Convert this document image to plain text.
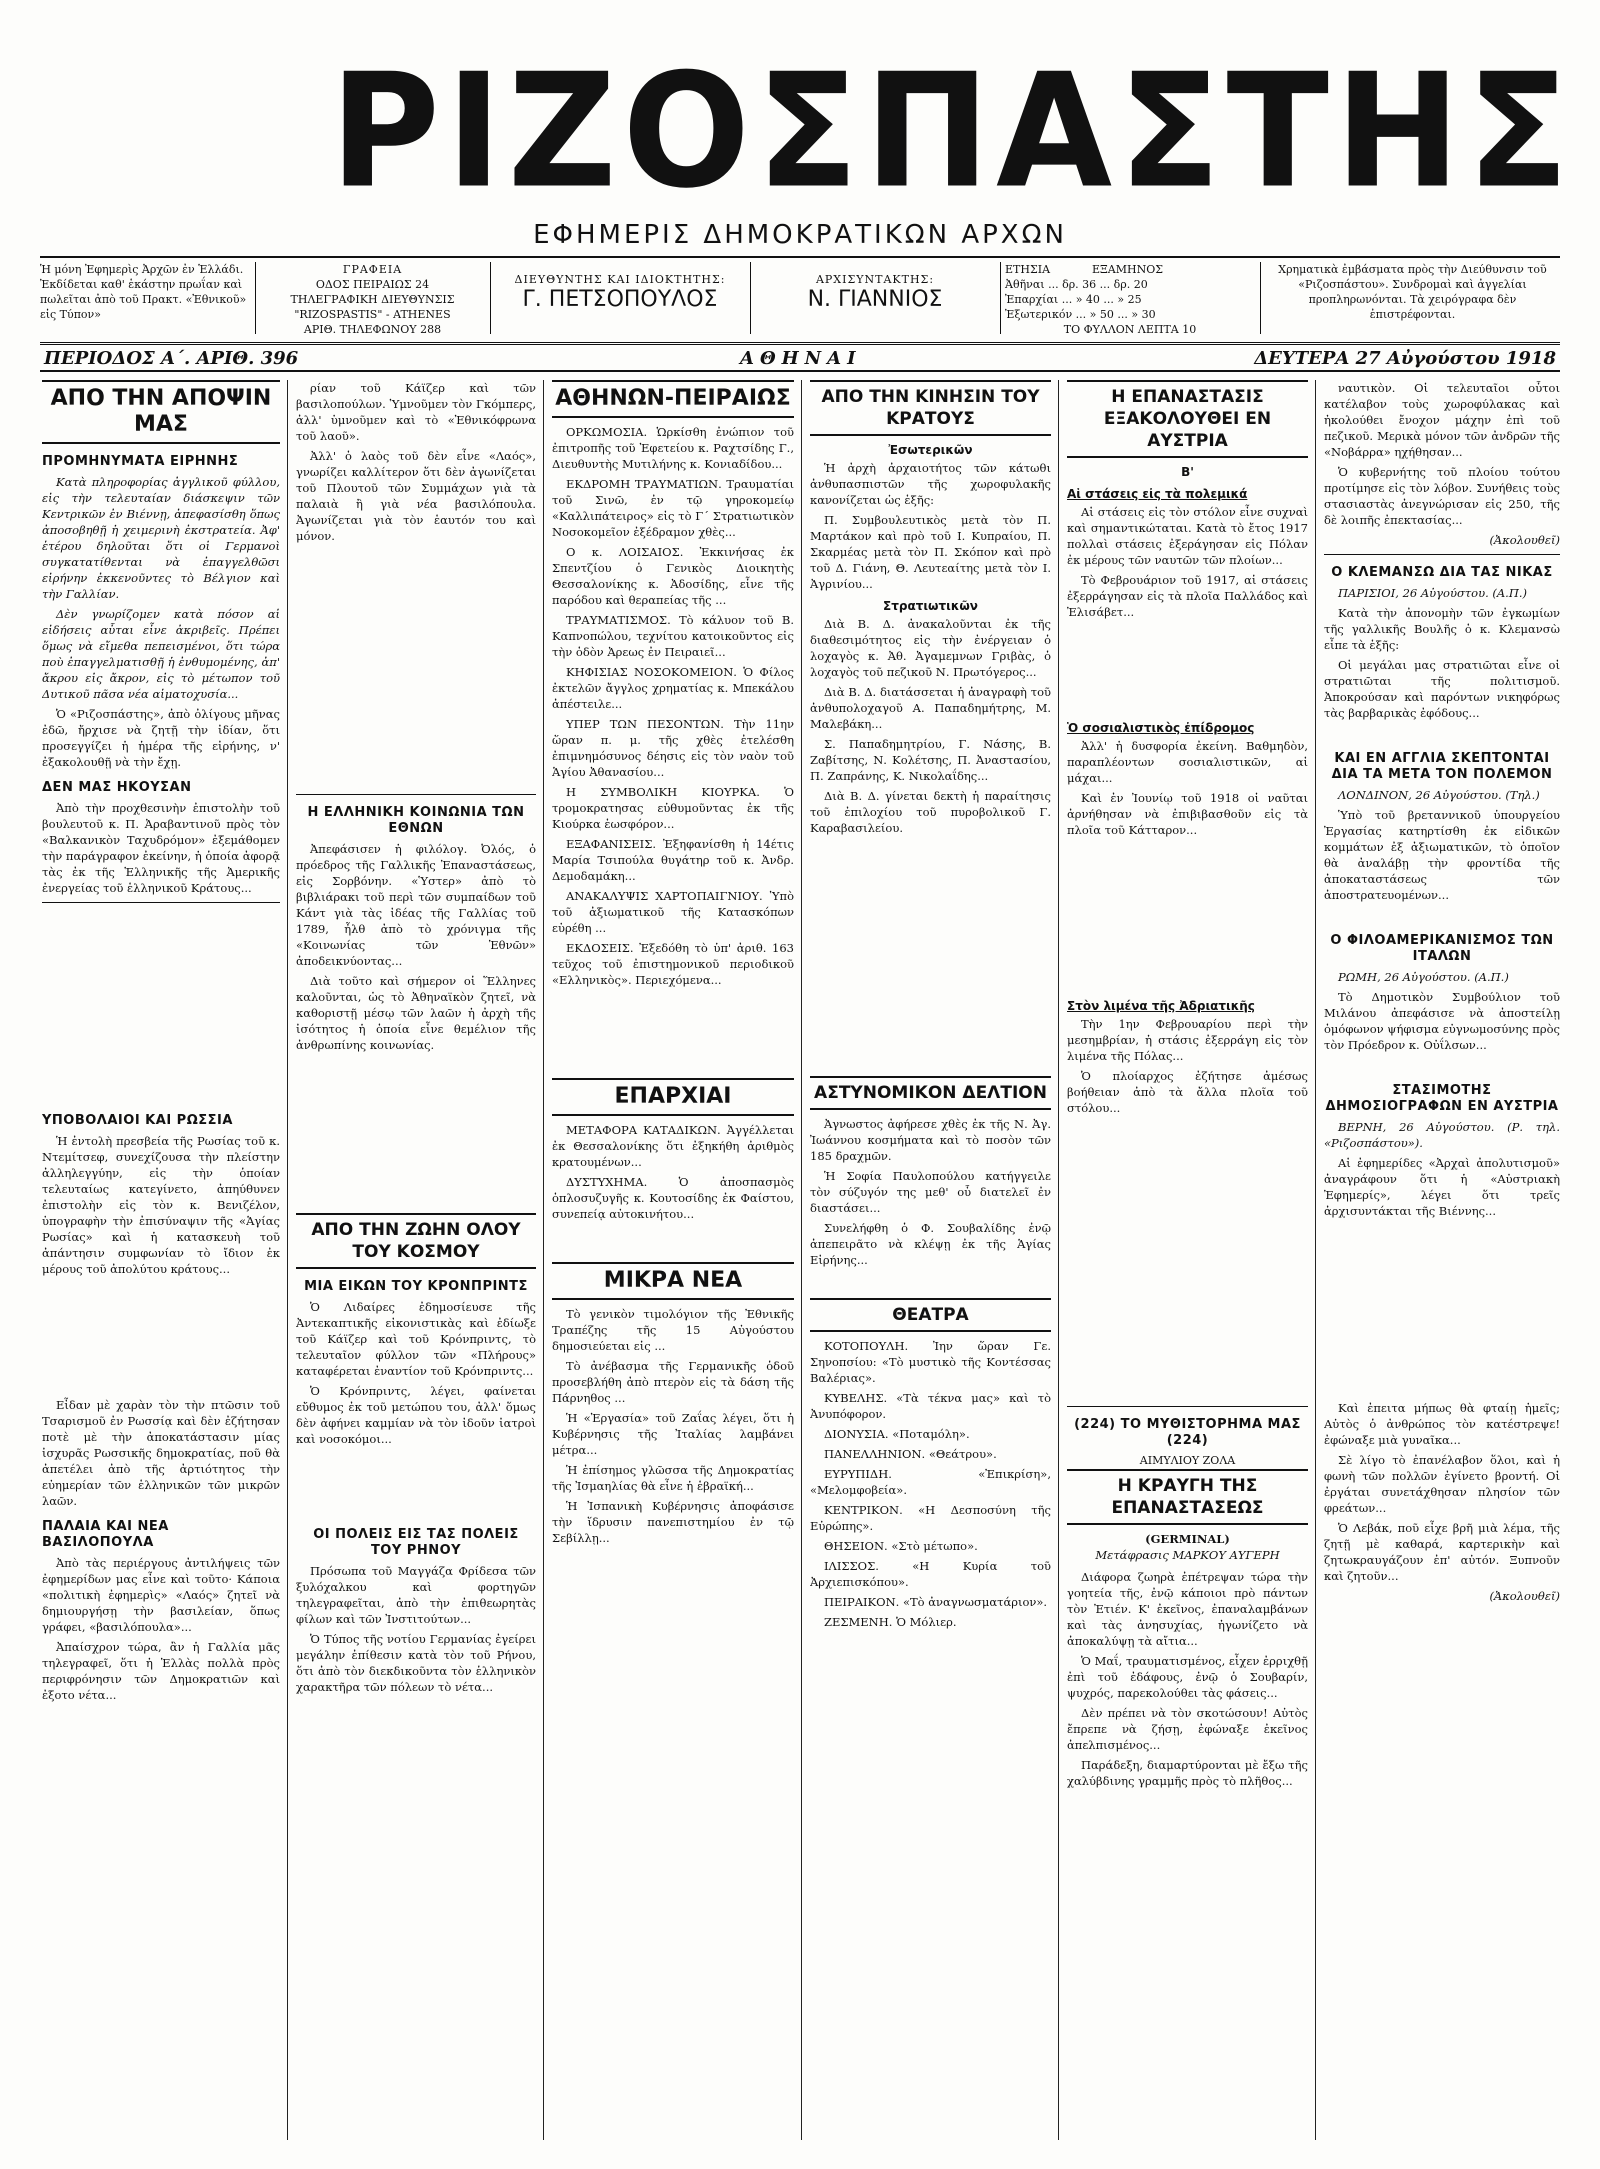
ΡΙΖΟΣΠΑΣΤΗΣ
ΕΦΗΜΕΡΙΣ ΔΗΜΟΚΡΑΤΙΚΩΝ ΑΡΧΩΝ
Ἡ μόνη Ἐφημερὶς Ἀρχῶν ἐν Ἑλλάδι. Ἐκδίδεται καθ' ἑκάστην πρωΐαν καὶ πωλεῖται ἀπὸ τοῦ Πρακτ. «Ἐθνικοῦ» εἰς Τύπον»
ΓΡΑΦΕΙΑ
ΟΔΟΣ ΠΕΙΡΑΙΩΣ 24
ΤΗΛΕΓΡΑΦΙΚΗ ΔΙΕΥΘΥΝΣΙΣ
"RIZOSPASTIS" - ATHENES
ΑΡΙΘ. ΤΗΛΕΦΩΝΟΥ 288
ΔΙΕΥΘΥΝΤΗΣ ΚΑΙ ΙΔΙΟΚΤΗΤΗΣ:
Γ. ΠΕΤΣΟΠΟΥΛΟΣ
ΑΡΧΙΣΥΝΤΑΚΤΗΣ:
Ν. ΓΙΑΝΝΙΟΣ
ΕΤΗΣΙΑ	ΕΞΑΜΗΝΟΣ
Ἀθῆναι ... δρ. 36 ... δρ. 20
Ἐπαρχίαι ... » 40 ... » 25
Ἐξωτερικόν ... » 50 ... » 30
ΤΟ ΦΥΛΛΟΝ ΛΕΠΤΑ 10
Χρηματικὰ ἐμβάσματα πρὸς τὴν Διεύθυνσιν τοῦ «Ριζοσπάστου». Συνδρομαὶ καὶ ἀγγελίαι προπληρωνόνται. Τὰ χειρόγραφα δὲν ἐπιστρέφονται.
ΠΕΡΙΟΔΟΣ Α΄. ΑΡΙΘ. 396	ΑΘΗΝΑΙ	ΔΕΥΤΕΡΑ 27 Αὐγούστου 1918
ΑΠΟ ΤΗΝ ΑΠΟΨΙΝ ΜΑΣ
ΠΡΟΜΗΝΥΜΑΤΑ ΕΙΡΗΝΗΣ

Κατὰ πληροφορίας ἀγγλικοῦ φύλλου, εἰς τὴν τελευταίαν διάσκεψιν τῶν Κεντρικῶν ἐν Βιέννῃ, ἀπεφασίσθη ὅπως ἀποσοβηθῇ ἡ χειμερινὴ ἐκστρατεία. Ἀφ' ἑτέρου δηλοῦται ὅτι οἱ Γερμανοὶ συγκατατίθενται νὰ ἐπαγγελθῶσι εἰρήνην ἐκκενοῦντες τὸ Βέλγιον καὶ τὴν Γαλλίαν.

Δὲν γνωρίζομεν κατὰ πόσον αἱ εἰδήσεις αὗται εἶνε ἀκριβεῖς. Πρέπει ὅμως νὰ εἴμεθα πεπεισμένοι, ὅτι τώρα ποὺ ἐπαγγελματισθῇ ἡ ἐνθυμομένης, ἀπ' ἄκρου εἰς ἄκρον, εἰς τὸ μέτωπον τοῦ Δυτικοῦ πᾶσα νέα αἱματοχυσία...

Ὁ «Ριζοσπάστης», ἀπὸ ὀλίγους μῆνας ἐδῶ, ἤρχισε νὰ ζητῇ τὴν ἰδίαν, ὅτι προσεγγίζει ἡ ἡμέρα τῆς εἰρήνης, ν' ἐξακολουθῇ νὰ τὴν ἔχῃ.

ΔΕΝ ΜΑΣ ΗΚΟΥΣΑΝ

Ἀπὸ τὴν προχθεσινὴν ἐπιστολὴν τοῦ βουλευτοῦ κ. Π. Ἀραβαντινοῦ πρὸς τὸν «Βαλκανικὸν Ταχυδρόμον» ἐξεμάθομεν τὴν παράγραφον ἐκείνην, ἡ ὁποία ἀφορᾷ τὰς ἐκ τῆς Ἑλληνικῆς τῆς Ἀμερικῆς ἐνεργείας τοῦ ἑλληνικοῦ Κράτους...

ΥΠΟΒΟΛΑΙΟΙ ΚΑΙ ΡΩΣΣΙΑ

Ἡ ἐντολὴ πρεσβεία τῆς Ρωσίας τοῦ κ. Ντεμίτσεφ, συνεχίζουσα τὴν πλείστην ἀλληλεγγύην, εἰς τὴν ὁποίαν τελευταίως κατεγίνετο, ἀπηύθυνεν ἐπιστολὴν εἰς τὸν κ. Βενιζέλον, ὑπογραφὴν τὴν ἐπισύναψιν τῆς «Ἁγίας Ρωσίας» καὶ ἡ κατασκευὴ τοῦ ἀπάντησιν συμφωνίαν τὸ ἴδιον ἐκ μέρους τοῦ ἀπολύτου κράτους...

Εἶδαν μὲ χαρὰν τὸν τὴν πτῶσιν τοῦ Τσαρισμοῦ ἐν Ρωσσίᾳ καὶ δὲν ἐζήτησαν ποτὲ μὲ τὴν ἀποκατάστασιν μίας ἰσχυρᾶς Ρωσσικῆς δημοκρατίας, ποῦ θὰ ἀπετέλει ἀπὸ τῆς ἀρτιότητος τὴν εὐημερίαν τῶν ἑλληνικῶν τῶν μικρῶν λαῶν.

ΠΑΛΑΙΑ ΚΑΙ ΝΕΑ ΒΑΣΙΛΟΠΟΥΛΑ

Ἀπὸ τὰς περιέργους ἀντιλήψεις τῶν ἐφημερίδων μας εἶνε καὶ τοῦτο· Κάποια «πολιτικὴ ἐφημερὶς» «Λαός» ζητεῖ νὰ δημιουργήσῃ τὴν βασιλείαν, ὅπως γράφει, «βασιλόπουλα»...

Ἀπαίσχρον τώρα, ἂν ἡ Γαλλία μᾶς τηλεγραφεῖ, ὅτι ἡ Ἑλλὰς πολλὰ πρὸς περιφρόνησιν τῶν Δημοκρατιῶν καὶ ἐξοτο νέτα...

ρίαν τοῦ Κάϊζερ καὶ τῶν βασιλοπούλων. Ὑμνοῦμεν τὸν Γκόμπερς, ἀλλ' ὑμνοῦμεν καὶ τὸ «Ἐθνικόφρωνα τοῦ λαοῦ».

Ἀλλ' ὁ λαὸς τοῦ δὲν εἶνε «Λαός», γνωρίζει καλλίτερον ὅτι δὲν ἀγωνίζεται τοῦ Πλουτοῦ τῶν Συμμάχων γιὰ τὰ παλαιὰ ἢ γιὰ νέα βασιλόπουλα. Ἀγωνίζεται γιὰ τὸν ἑαυτόν του καὶ μόνον.

Η ΕΛΛΗΝΙΚΗ ΚΟΙΝΩΝΙΑ ΤΩΝ ΕΘΝΩΝ

Ἀπεφάσισεν ἡ φιλόλογ. Ὀλός, ὁ πρόεδρος τῆς Γαλλικῆς Ἐπαναστάσεως, εἰς Σορβόνην. «Ὑστερ» ἀπὸ τὸ βιβλιάρακι τοῦ περὶ τῶν συμπαίδων τοῦ Κάντ γιὰ τὰς ἰδέας τῆς Γαλλίας τοῦ 1789, ἦλθ ἀπὸ τὸ χρόνιγμα τῆς «Κοινωνίας τῶν Ἐθνῶν» ἀποδεικνύοντας...

Διὰ τοῦτο καὶ σήμερον οἱ Ἕλληνες καλοῦνται, ὡς τὸ Ἀθηναϊκὸν ζητεῖ, νὰ καθοριστῇ μέσῳ τῶν λαῶν ἡ ἀρχὴ τῆς ἰσότητος ἡ ὁποία εἶνε θεμέλιον τῆς ἀνθρωπίνης κοινωνίας.

ΑΠΟ ΤΗΝ ΖΩΗΝ ΟΛΟΥ ΤΟΥ ΚΟΣΜΟΥ
ΜΙΑ ΕΙΚΩΝ ΤΟΥ ΚΡΟΝΠΡΙΝΤΣ

Ὁ Λιδαίρες ἐδημοσίευσε τῆς Ἀντεκαπτικῆς εἰκονιστικὰς καὶ ἐδίωξε τοῦ Κάϊζερ καὶ τοῦ Κρόνπριντς, τὸ τελευταῖον φύλλον τῶν «Πλήρους» καταφέρεται ἐναντίον τοῦ Κρόνπριντς...

Ὁ Κρόνπριντς, λέγει, φαίνεται εὔθυμος ἐκ τοῦ μετώπου του, ἀλλ' ὅμως δὲν ἀφήνει καμμίαν νὰ τὸν ἰδοῦν ἰατροὶ καὶ νοσοκόμοι...

ΟΙ ΠΟΛΕΙΣ ΕΙΣ ΤΑΣ ΠΟΛΕΙΣ ΤΟΥ ΡΗΝΟΥ

Πρόσωπα τοῦ Μαγγάζα Φρίδεσα τῶν ξυλόχαλκου καὶ φορτηγῶν τηλεγραφεῖται, ἀπὸ τὴν ἐπιθεωρητὰς φίλων καὶ τῶν Ἰνστιτούτων...

Ὁ Τύπος τῆς νοτίου Γερμανίας ἐγείρει μεγάλην ἐπίθεσιν κατὰ τὸν τοῦ Ρήνου, ὅτι ἀπὸ τὸν διεκδικοῦντα τὸν ἑλληνικὸν χαρακτῆρα τῶν πόλεων τὸ νέτα...

ΑΘΗΝΩΝ-ΠΕΙΡΑΙΩΣ

ΟΡΚΩΜΟΣΙΑ. Ὡρκίσθη ἐνώπιον τοῦ ἐπιτροπῆς τοῦ Ἐφετείου κ. Ραχτσίδης Γ., Διευθυντὴς Μυτιλήνης κ. Κονιαδίδου...

ΕΚΔΡΟΜΗ ΤΡΑΥΜΑΤΙΩΝ. Τραυματίαι τοῦ Σινῶ, ἐν τῷ γηροκομείῳ «Καλλιπάτειρος» εἰς τὸ Γ΄ Στρατιωτικὸν Νοσοκομεῖον ἐξέδραμον χθὲς...

Ο κ. ΛΟΙΣΑΙΟΣ. Ἐκκινήσας ἐκ Σπεντζίου ὁ Γενικὸς Διοικητὴς Θεσσαλονίκης κ. Ἀδοσίδης, εἶνε τῆς παρόδου καὶ θεραπείας τῆς ...

ΤΡΑΥΜΑΤΙΣΜΟΣ. Τὸ κάλυον τοῦ Β. Καπνοπώλου, τεχνίτου κατοικοῦντος εἰς τὴν ὁδὸν Ἀρεως ἐν Πειραιεῖ...

ΚΗΦΙΣΙΑΣ ΝΟΣΟΚΟΜΕΙΟΝ. Ὁ Φίλος ἐκτελῶν ἄγγλος χρηματίας κ. Μπεκάλου ἀπέστειλε...

ΥΠΕΡ ΤΩΝ ΠΕΣΟΝΤΩΝ. Τὴν 11ην ὥραν π. μ. τῆς χθὲς ἐτελέσθη ἐπιμνημόσυνος δέησις εἰς τὸν ναὸν τοῦ Ἁγίου Ἀθανασίου...

Η ΣΥΜΒΟΛΙΚΗ ΚΙΟΥΡΚΑ. Ὁ τρομοκρατησας εὐθυμοῦντας ἐκ τῆς Κιούρκα ἑωσφόρον...

ΕΞΑΦΑΝΙΣΕΙΣ. Ἐξηφανίσθη ἡ 14έτις Μαρία Τσιπούλα θυγάτηρ τοῦ κ. Ἀνδρ. Δεμοδαμάκη...

ΑΝΑΚΑΛΥΨΙΣ ΧΑΡΤΟΠΑΙΓΝΙΟΥ. Ὑπὸ τοῦ ἀξιωματικοῦ τῆς Κατασκόπων εὑρέθη ...

ΕΚΔΟΣΕΙΣ. Ἐξεδόθη τὸ ὑπ' ἀριθ. 163 τεῦχος τοῦ ἐπιστημονικοῦ περιοδικοῦ «Ελληνικὸς». Περιεχόμενα...

ΕΠΑΡΧΙΑΙ

ΜΕΤΑΦΟΡΑ ΚΑΤΑΔΙΚΩΝ. Ἀγγέλλεται ἐκ Θεσσαλονίκης ὅτι ἐξηκήθη ἀριθμὸς κρατουμένων...

ΔΥΣΤΥΧΗΜΑ. Ὁ ἀποσπασμὸς ὁπλοσυζυγῆς κ. Κουτοσίδης ἐκ Φαίστου, συνεπείᾳ αὐτοκινήτου...

ΜΙΚΡΑ ΝΕΑ

Τὸ γενικὸν τιμολόγιον τῆς Ἐθνικῆς Τραπέζης τῆς 15 Αὐγούστου δημοσιεύεται εἰς ...

Τὸ ἀνέβασμα τῆς Γερμανικῆς ὁδοῦ προσεβλήθη ἀπὸ πτερὸν εἰς τὰ δάση τῆς Πάρνηθος ...

Ἡ «Ἐργασία» τοῦ Ζαΐας λέγει, ὅτι ἡ Κυβέρνησις τῆς Ἰταλίας λαμβάνει μέτρα...

Ἡ ἐπίσημος γλῶσσα τῆς Δημοκρατίας τῆς Ἰσμαηλίας θὰ εἶνε ἡ ἑβραϊκή...

Ἡ Ἰσπανικὴ Κυβέρνησις ἀποφάσισε τὴν ἵδρυσιν πανεπιστημίου ἐν τῷ Σεβίλλῃ...

ΑΠΟ ΤΗΝ ΚΙΝΗΣΙΝ ΤΟΥ ΚΡΑΤΟΥΣ
Ἐσωτερικῶν

Ἡ ἀρχὴ ἀρχαιοτήτος τῶν κάτωθι ἀνθυπασπιστῶν τῆς χωροφυλακῆς κανονίζεται ὡς ἑξῆς:

Π. Συμβουλευτικὸς μετὰ τὸν Π. Μαρτάκον καὶ πρὸ τοῦ Ι. Κυπραίου, Π. Σκαρμέας μετὰ τὸν Π. Σκόπον καὶ πρὸ τοῦ Δ. Γιάνη, Θ. Λευτεαίτης μετὰ τὸν Ι. Ἀγρινίου...

Στρατιωτικῶν

Διὰ Β. Δ. ἀνακαλοῦνται ἐκ τῆς διαθεσιμότητος εἰς τὴν ἐνέργειαν ὁ λοχαγὸς κ. Ἀθ. Ἀγαμεμνων Γριβὰς, ὁ λοχαγὸς τοῦ πεζικοῦ Ν. Πρωτόγερος...

Διὰ Β. Δ. διατάσσεται ἡ ἀναγραφὴ τοῦ ἀνθυπολοχαγοῦ Α. Παπαδημήτρης, Μ. Μαλεβάκη...

Σ. Παπαδημητρίου, Γ. Νάσης, Β. Ζαβίτσης, Ν. Κολέτσης, Π. Ἀναστασίου, Π. Ζαπράνης, Κ. Νικολαΐδης...

Διὰ Β. Δ. γίνεται δεκτὴ ἡ παραίτησις τοῦ ἐπιλοχίου τοῦ πυροβολικοῦ Γ. Καραβασιλείου.

ΑΣΤΥΝΟΜΙΚΟΝ ΔΕΛΤΙΟΝ

Ἀγνωστος ἀφήρεσε χθὲς ἐκ τῆς Ν. Ἀγ. Ἰωάννου κοσμήματα καὶ τὸ ποσὸν τῶν 185 δραχμῶν.

Ἡ Σοφία Παυλοπούλου κατήγγειλε τὸν σύζυγόν της μεθ' οὗ διατελεῖ ἐν διαστάσει...

Συνελήφθη ὁ Φ. Σουβαλίδης ἐνῷ ἀπεπειρᾶτο νὰ κλέψῃ ἐκ τῆς Ἁγίας Εἰρήνης...

ΘΕΑΤΡΑ

ΚΟΤΟΠΟΥΛΗ. Ἰην ὥραν Γε. Σηνοπσίου: «Τὸ μυστικὸ τῆς Κοντέσσας Βαλέριας».

ΚΥΒΕΛΗΣ. «Τὰ τέκνα μας» καὶ τὸ Ἀνυπόφορον.

ΔΙΟΝΥΣΙΑ. «Ποταμόλη».

ΠΑΝΕΛΛΗΝΙΟΝ. «Θεάτρου».

ΕΥΡΥΠΙΔΗ. «Ἐπικρίση», «Μελομφοβεία».

ΚΕΝΤΡΙΚΟΝ. «Η Δεσποσύνη τῆς Εὐρώπης».

ΘΗΣΕΙΟΝ. «Στὸ μέτωπο».

ΙΛΙΣΣΟΣ. «Η Κυρία τοῦ Ἀρχιεπισκόπου».

ΠΕΙΡΑΙΚΟΝ. «Τὸ ἀναγνωσματάριον».

ΖΕΣΜΕΝΗ. Ὁ Μόλιερ.

Η ΕΠΑΝΑΣΤΑΣΙΣ ΕΞΑΚΟΛΟΥΘΕΙ ΕΝ ΑΥΣΤΡΙΑ
Β'
Αἱ στάσεις εἰς τὰ πολεμικά

Αἱ στάσεις εἰς τὸν στόλον εἶνε συχναὶ καὶ σημαντικώταται. Κατὰ τὸ ἔτος 1917 πολλαὶ στάσεις ἐξεράγησαν εἰς Πόλαν ἐκ μέρους τῶν ναυτῶν τῶν πλοίων...

Τὸ Φεβρουάριον τοῦ 1917, αἱ στάσεις ἐξερράγησαν εἰς τὰ πλοῖα Παλλάδος καὶ Ἐλισάβετ...

Ὁ σοσιαλιστικὸς ἐπίδρομος

Ἀλλ' ἡ δυσφορία ἐκείνη. Βαθμηδὸν, παραπλέοντων σοσιαλιστικῶν, αἱ μάχαι...

Καὶ ἐν Ἰουνίῳ τοῦ 1918 οἱ ναῦται ἀρνήθησαν νὰ ἐπιβιβασθοῦν εἰς τὰ πλοῖα τοῦ Κάτταρον...

Στὸν λιμένα τῆς Ἀδριατικῆς

Τὴν 1ην Φεβρουαρίου περὶ τὴν μεσημβρίαν, ἡ στάσις ἐξερράγη εἰς τὸν λιμένα τῆς Πόλας...

Ὁ πλοίαρχος ἐζήτησε ἀμέσως βοήθειαν ἀπὸ τὰ ἄλλα πλοῖα τοῦ στόλου...

ναυτικὸν. Οἱ τελευταῖοι οὗτοι κατέλαβον τοὺς χωροφύλακας καὶ ἠκολούθει ἔνοχον μάχην ἐπὶ τοῦ πεζικοῦ. Μερικὰ μόνον τῶν ἀνδρῶν τῆς «Νοβάρρα» ηχήθησαν...

Ὁ κυβερνήτης τοῦ πλοίου τούτου προτίμησε εἰς τὸν λόβον. Συνήθεις τοὺς στασιαστὰς ἀνεγνώρισαν εἰς 250, τῆς δὲ λοιπῆς ἐπεκτασίας...

(Ἀκολουθεῖ)

Ο ΚΛΕΜΑΝΣΩ ΔΙΑ ΤΑΣ ΝΙΚΑΣ

ΠΑΡΙΣΙΟΙ, 26 Αὐγούστου. (Α.Π.)

Κατὰ τὴν ἀπονομὴν τῶν ἐγκωμίων τῆς γαλλικῆς Βουλῆς ὁ κ. Κλεμανσὼ εἶπε τὰ ἑξῆς:

Οἱ μεγάλαι μας στρατιῶται εἶνε οἱ στρατιῶται τῆς πολιτισμοῦ. Ἀποκρούσαν καὶ παρόντων νικηφόρως τὰς βαρβαρικὰς ἐφόδους...

ΚΑΙ ΕΝ ΑΓΓΛΙΑ ΣΚΕΠΤΟΝΤΑΙ ΔΙΑ ΤΑ ΜΕΤΑ ΤΟΝ ΠΟΛΕΜΟΝ

ΛΟΝΔΙΝΟΝ, 26 Αὐγούστου. (Τηλ.)

Ὑπὸ τοῦ βρεταννικοῦ ὑπουργείου Ἐργασίας κατηρτίσθη ἐκ εἰδικῶν κομμάτων ἐξ ἀξιωματικῶν, τὸ ὁποῖον θὰ ἀναλάβῃ τὴν φροντίδα τῆς ἀποκαταστάσεως τῶν ἀποστρατευομένων...

Ο ΦΙΛΟΑΜΕΡΙΚΑΝΙΣΜΟΣ ΤΩΝ ΙΤΑΛΩΝ

ΡΩΜΗ, 26 Αὐγούστου. (Α.Π.)

Τὸ Δημοτικὸν Συμβούλιον τοῦ Μιλάνου ἀπεφάσισε νὰ ἀποστείλῃ ὁμόφωνον ψήφισμα εὐγνωμοσύνης πρὸς τὸν Πρόεδρον κ. Οὐΐλσων...

ΣΤΑΣΙΜΟΤΗΣ ΔΗΜΟΣΙΟΓΡΑΦΩΝ ΕΝ ΑΥΣΤΡΙΑ

ΒΕΡΝΗ, 26 Αὐγούστου. (Ρ. τηλ. «Ριζοσπάστου»).

Αἱ ἐφημερίδες «Ἀρχαὶ ἀπολυτισμοῦ» ἀναγράφουν ὅτι ἡ «Αὐστριακὴ Ἐφημερίς», λέγει ὅτι τρεῖς ἀρχισυντάκται τῆς Βιέννης...

(224) ΤΟ ΜΥΘΙΣΤΟΡΗΜΑ ΜΑΣ (224)
ΑΙΜΥΛΙΟΥ ΖΟΛΑ
Η ΚΡΑΥΓΗ ΤΗΣ ΕΠΑΝΑΣΤΑΣΕΩΣ
(GERMINAL)
Μετάφρασις ΜΑΡΚΟΥ ΑΥΓΕΡΗ

Διάφορα ζωηρὰ ἐπέτρεψαν τώρα τὴν γοητεία τῆς, ἐνῷ κάποιοι πρὸ πάντων τὸν Ἐτιέν. Κ' ἐκεῖνος, ἐπαναλαμβάνων καὶ τὰς ἀνησυχίας, ἠγωνίζετο νὰ ἀποκαλύψῃ τὰ αἴτια...

Ὁ Μαΐ, τραυματισμένος, εἶχεν ἐρριχθῇ ἐπὶ τοῦ ἐδάφους, ἐνῷ ὁ Σουβαρίν, ψυχρός, παρεκολούθει τὰς φάσεις...

Δὲν πρέπει νὰ τὸν σκοτώσουν! Αὐτὸς ἔπρεπε νὰ ζήσῃ, ἐφώναξε ἐκεῖνος ἀπελπισμένος...

Παράδεξη, διαμαρτύρονται μὲ ἔξω τῆς χαλύβδινης γραμμῆς πρὸς τὸ πλῆθος...

Καὶ ἐπειτα μήπως θὰ φταίῃ ἡμεῖς; Αὐτὸς ὁ ἀνθρώπος τὸν κατέστρεψε! ἐφώναξε μιὰ γυναῖκα...

Σὲ λίγο τὸ ἐπανέλαβον ὅλοι, καὶ ἡ φωνὴ τῶν πολλῶν ἐγίνετο βροντή. Οἱ ἐργάται συνετάχθησαν πλησίον τῶν φρεάτων...

Ὁ Λεβάκ, ποῦ εἶχε βρῆ μιὰ λέμα, τῆς ζητῇ μὲ καθαρά, καρτερικὴν καὶ ζητωκραυγάζουν ἐπ' αὐτόν. Ξυπνοῦν καὶ ζητοῦν...

(Ἀκολουθεῖ)
